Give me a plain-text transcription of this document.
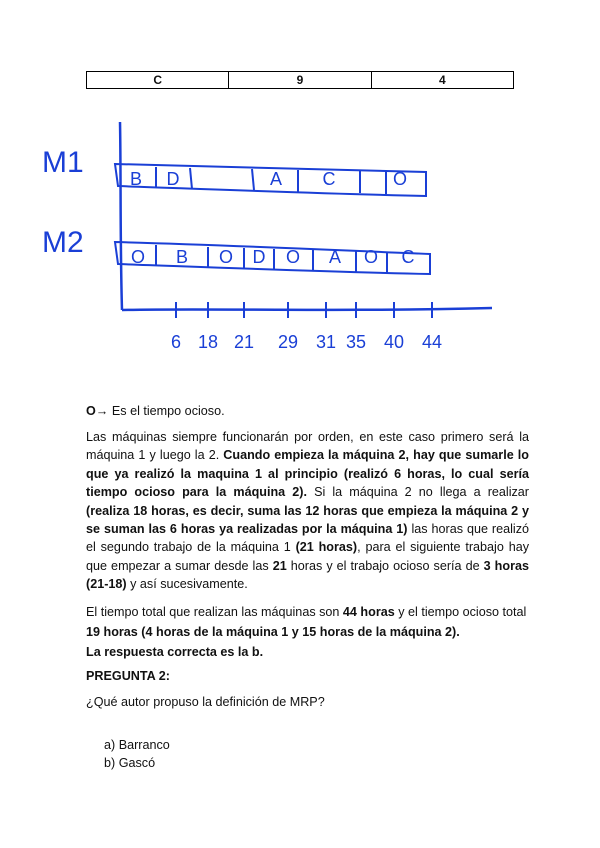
C	9	4
M1
M2
B D	A C	O
O B O D O A O C
6 18 21 29 31 35 40 44
O→ Es el tiempo ocioso.

Las máquinas siempre funcionarán por orden, en este caso primero será la máquina 1 y luego la 2. Cuando empieza la máquina 2, hay que sumarle lo que ya realizó la maquina 1 al principio (realizó 6 horas, lo cual sería tiempo ocioso para la máquina 2). Si la máquina 2 no llega a realizar (realiza 18 horas, es decir, suma las 12 horas que empieza la máquina 2 y se suman las 6 horas ya realizadas por la máquina 1) las horas que realizó el segundo trabajo de la máquina 1 (21 horas), para el siguiente trabajo hay que empezar a sumar desde las 21 horas y el trabajo ocioso sería de 3 horas (21-18) y así sucesivamente.

El tiempo total que realizan las máquinas son 44 horas y el tiempo ocioso total 19 horas (4 horas de la máquina 1 y 15 horas de la máquina 2).
La respuesta correcta es la b.

PREGUNTA 2:
¿Qué autor propuso la definición de MRP?
a) Barranco
b) Gascó
